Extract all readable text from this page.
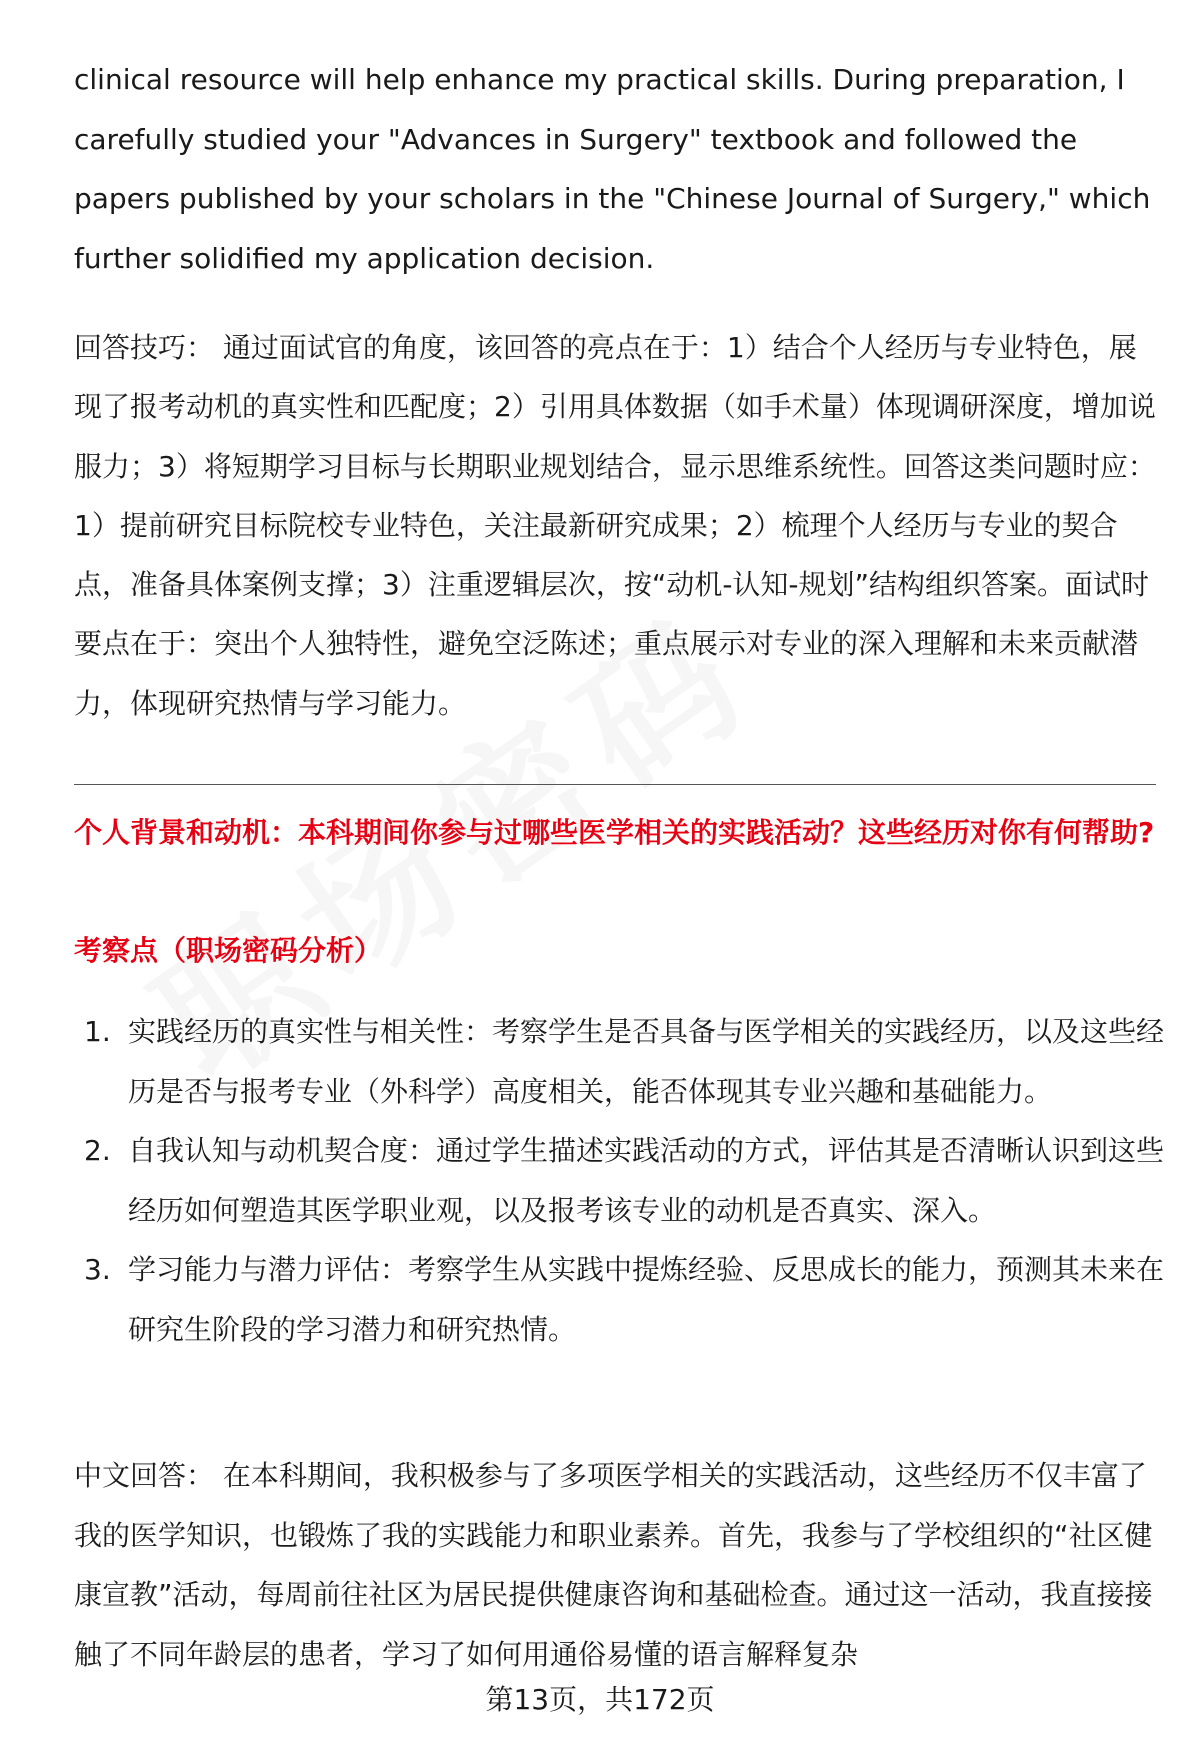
clinical resource will help enhance my practical skills. During preparation, I carefully studied your "Advances in Surgery" textbook and followed the papers published by your scholars in the "Chinese Journal of Surgery," which further solidified my application decision.

回答技巧： 通过面试官的角度，该回答的亮点在于：1）结合个人经历与专业特色，展现了报考动机的真实性和匹配度；2）引用具体数据（如手术量）体现调研深度，增加说服力；3）将短期学习目标与长期职业规划结合，显示思维系统性。回答这类问题时应：1）提前研究目标院校专业特色，关注最新研究成果；2）梳理个人经历与专业的契合点，准备具体案例支撑；3）注重逻辑层次，按“动机-认知-规划”结构组织答案。面试时要点在于：突出个人独特性，避免空泛陈述；重点展示对专业的深入理解和未来贡献潜力，体现研究热情与学习能力。

个人背景和动机：本科期间你参与过哪些医学相关的实践活动？这些经历对你有何帮助?

考察点（职场密码分析）

1. 实践经历的真实性与相关性：考察学生是否具备与医学相关的实践经历，以及这些经历是否与报考专业（外科学）高度相关，能否体现其专业兴趣和基础能力。
2. 自我认知与动机契合度：通过学生描述实践活动的方式，评估其是否清晰认识到这些经历如何塑造其医学职业观，以及报考该专业的动机是否真实、深入。
3. 学习能力与潜力评估：考察学生从实践中提炼经验、反思成长的能力，预测其未来在研究生阶段的学习潜力和研究热情。

中文回答： 在本科期间，我积极参与了多项医学相关的实践活动，这些经历不仅丰富了我的医学知识，也锻炼了我的实践能力和职业素养。首先，我参与了学校组织的“社区健康宣教”活动，每周前往社区为居民提供健康咨询和基础检查。通过这一活动，我直接接触了不同年龄层的患者，学习了如何用通俗易懂的语言解释复杂

第13页，共172页
